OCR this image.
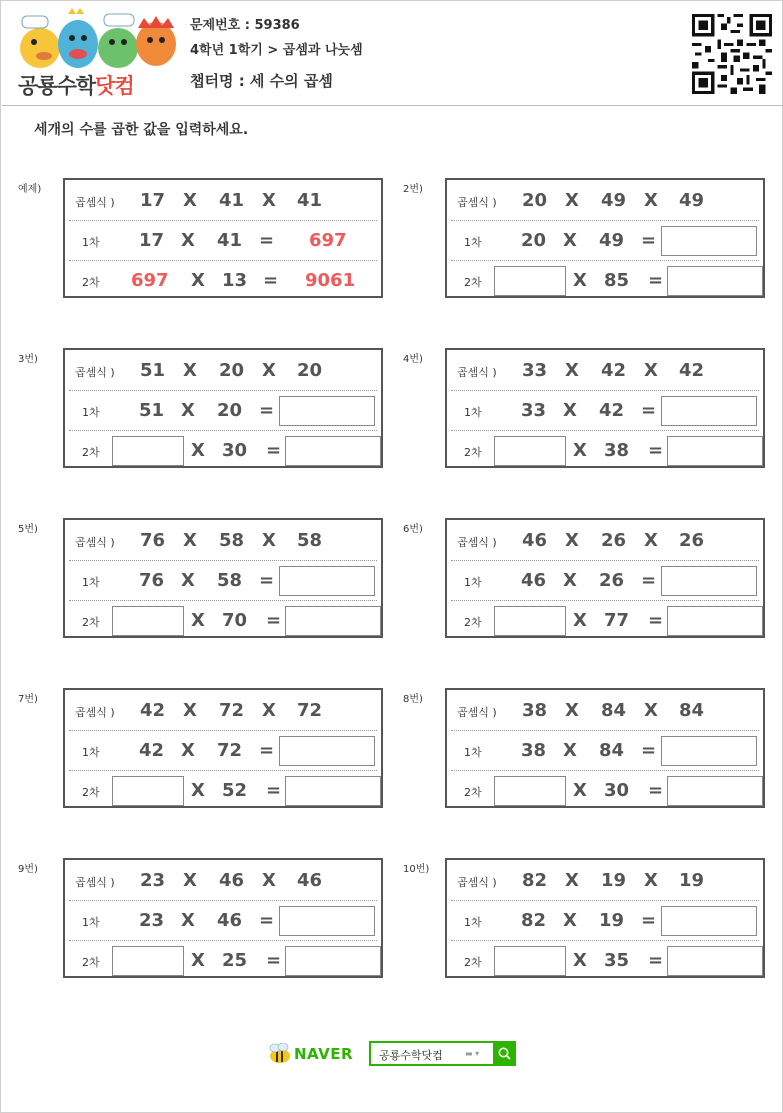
공룡수학닷컴
문제번호 : 59386
4학년 1학기 > 곱셈과 나눗셈
챕터명 : 세 수의 곱셈
세개의 수를 곱한 값을 입력하세요.
예제)
곱셈식 ) 17 X 41 X 41
1차 17 X 41 = 697
2차 697 X 13 = 9061
2번)
곱셈식 ) 20 X 49 X 49
1차 20 X 49 =
2차	X 85 =
3번)
곱셈식 ) 51 X 20 X 20
1차 51 X 20 =
2차	X 30 =
4번)
곱셈식 ) 33 X 42 X 42
1차 33 X 42 =
2차	X 38 =
5번)
곱셈식 ) 76 X 58 X 58
1차 76 X 58 =
2차	X 70 =
6번)
곱셈식 ) 46 X 26 X 26
1차 46 X 26 =
2차	X 77 =
7번)
곱셈식 ) 42 X 72 X 72
1차 42 X 72 =
2차	X 52 =
8번)
곱셈식 ) 38 X 84 X 84
1차 38 X 84 =
2차	X 30 =
9번)
곱셈식 ) 23 X 46 X 46
1차 23 X 46 =
2차	X 25 =
10번)
곱셈식 ) 82 X 19 X 19
1차 82 X 19 =
2차	X 35 =
NAVER 공룡수학닷컴	▬ ▾
